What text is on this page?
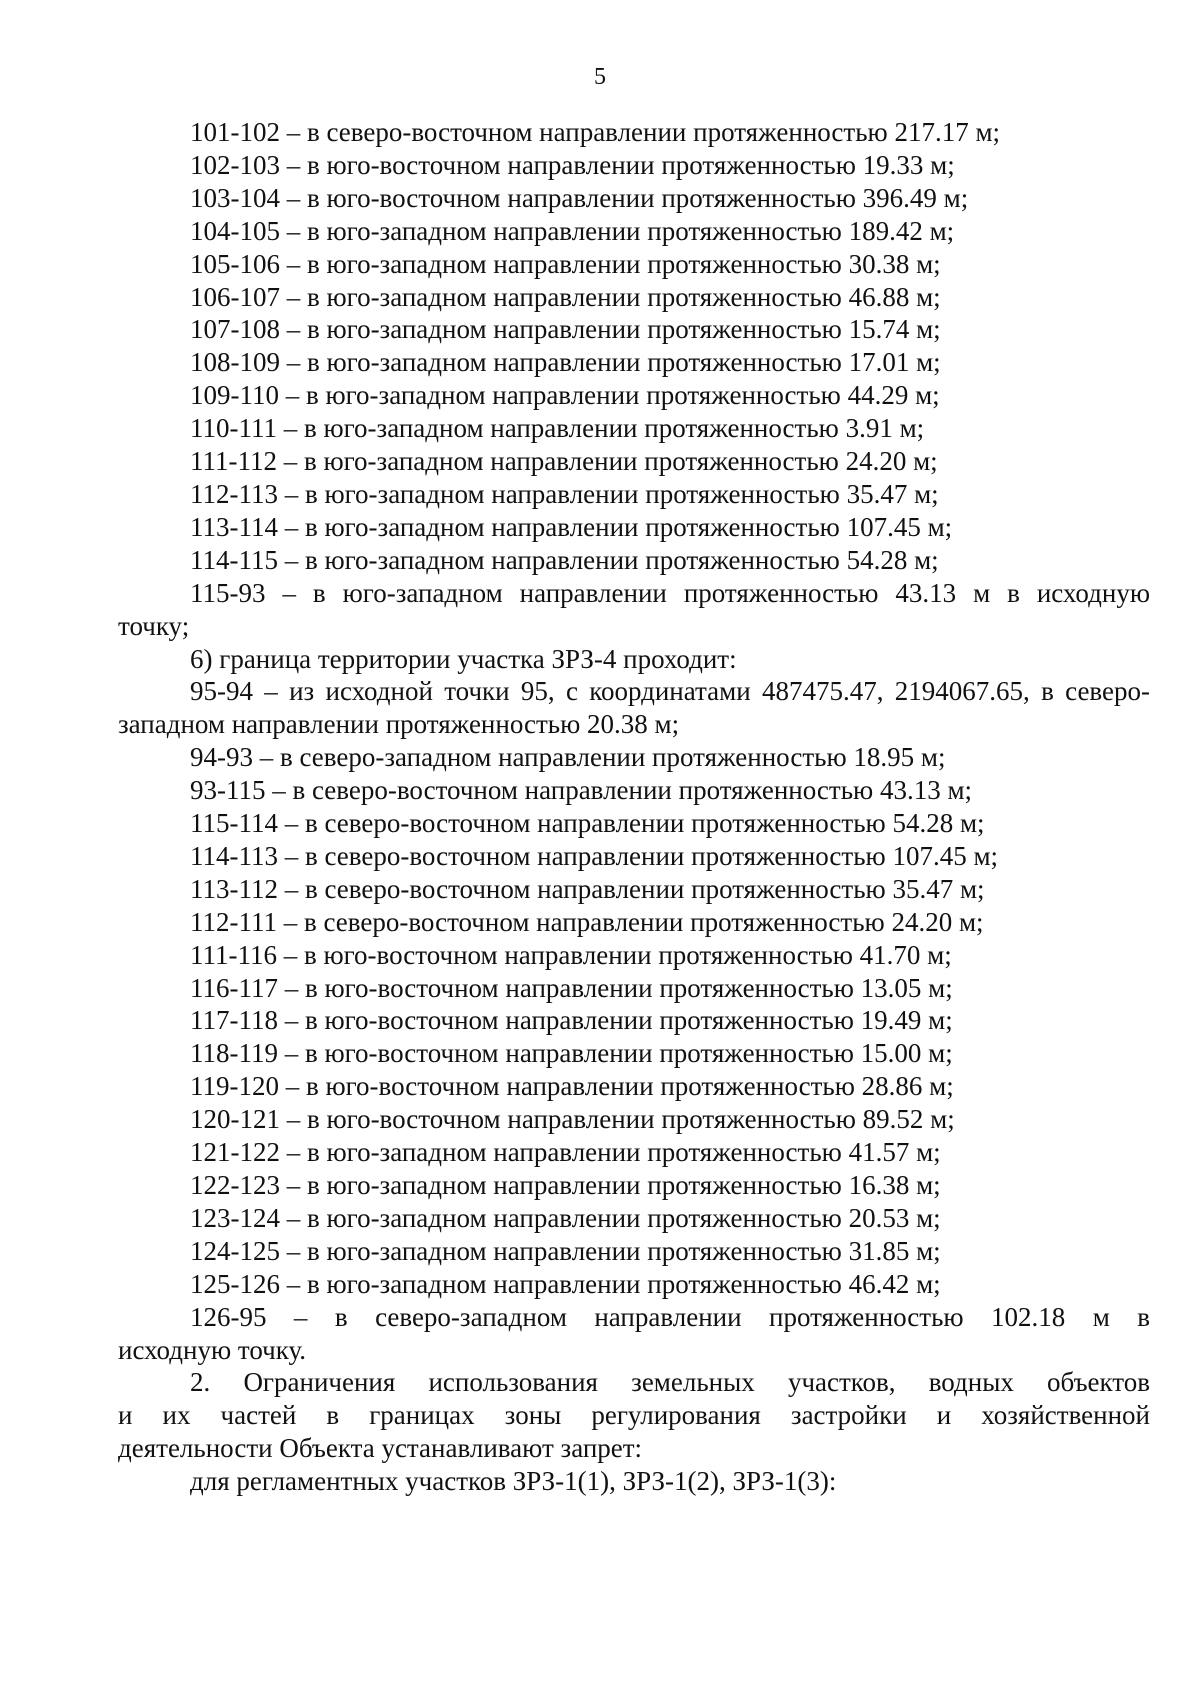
5
101-102 – в северо-восточном направлении протяженностью 217.17 м;
102-103 – в юго-восточном направлении протяженностью 19.33 м;
103-104 – в юго-восточном направлении протяженностью 396.49 м;
104-105 – в юго-западном направлении протяженностью 189.42 м;
105-106 – в юго-западном направлении протяженностью 30.38 м;
106-107 – в юго-западном направлении протяженностью 46.88 м;
107-108 – в юго-западном направлении протяженностью 15.74 м;
108-109 – в юго-западном направлении протяженностью 17.01 м;
109-110 – в юго-западном направлении протяженностью 44.29 м;
110-111 – в юго-западном направлении протяженностью 3.91 м;
111-112 – в юго-западном направлении протяженностью 24.20 м;
112-113 – в юго-западном направлении протяженностью 35.47 м;
113-114 – в юго-западном направлении протяженностью 107.45 м;
114-115 – в юго-западном направлении протяженностью 54.28 м;
115-93 – в юго-западном направлении протяженностью 43.13 м в исходную
точку;
6) граница территории участка ЗРЗ-4 проходит:
95-94 – из исходной точки 95, с координатами 487475.47, 2194067.65, в северо-
западном направлении протяженностью 20.38 м;
94-93 – в северо-западном направлении протяженностью 18.95 м;
93-115 – в северо-восточном направлении протяженностью 43.13 м;
115-114 – в северо-восточном направлении протяженностью 54.28 м;
114-113 – в северо-восточном направлении протяженностью 107.45 м;
113-112 – в северо-восточном направлении протяженностью 35.47 м;
112-111 – в северо-восточном направлении протяженностью 24.20 м;
111-116 – в юго-восточном направлении протяженностью 41.70 м;
116-117 – в юго-восточном направлении протяженностью 13.05 м;
117-118 – в юго-восточном направлении протяженностью 19.49 м;
118-119 – в юго-восточном направлении протяженностью 15.00 м;
119-120 – в юго-восточном направлении протяженностью 28.86 м;
120-121 – в юго-восточном направлении протяженностью 89.52 м;
121-122 – в юго-западном направлении протяженностью 41.57 м;
122-123 – в юго-западном направлении протяженностью 16.38 м;
123-124 – в юго-западном направлении протяженностью 20.53 м;
124-125 – в юго-западном направлении протяженностью 31.85 м;
125-126 – в юго-западном направлении протяженностью 46.42 м;
126-95 – в северо-западном направлении протяженностью 102.18 м в
исходную точку.
2. Ограничения использования земельных участков, водных объектов
и их частей в границах зоны регулирования застройки и хозяйственной
деятельности Объекта устанавливают запрет:
для регламентных участков ЗРЗ-1(1), ЗРЗ-1(2), ЗРЗ-1(3):
